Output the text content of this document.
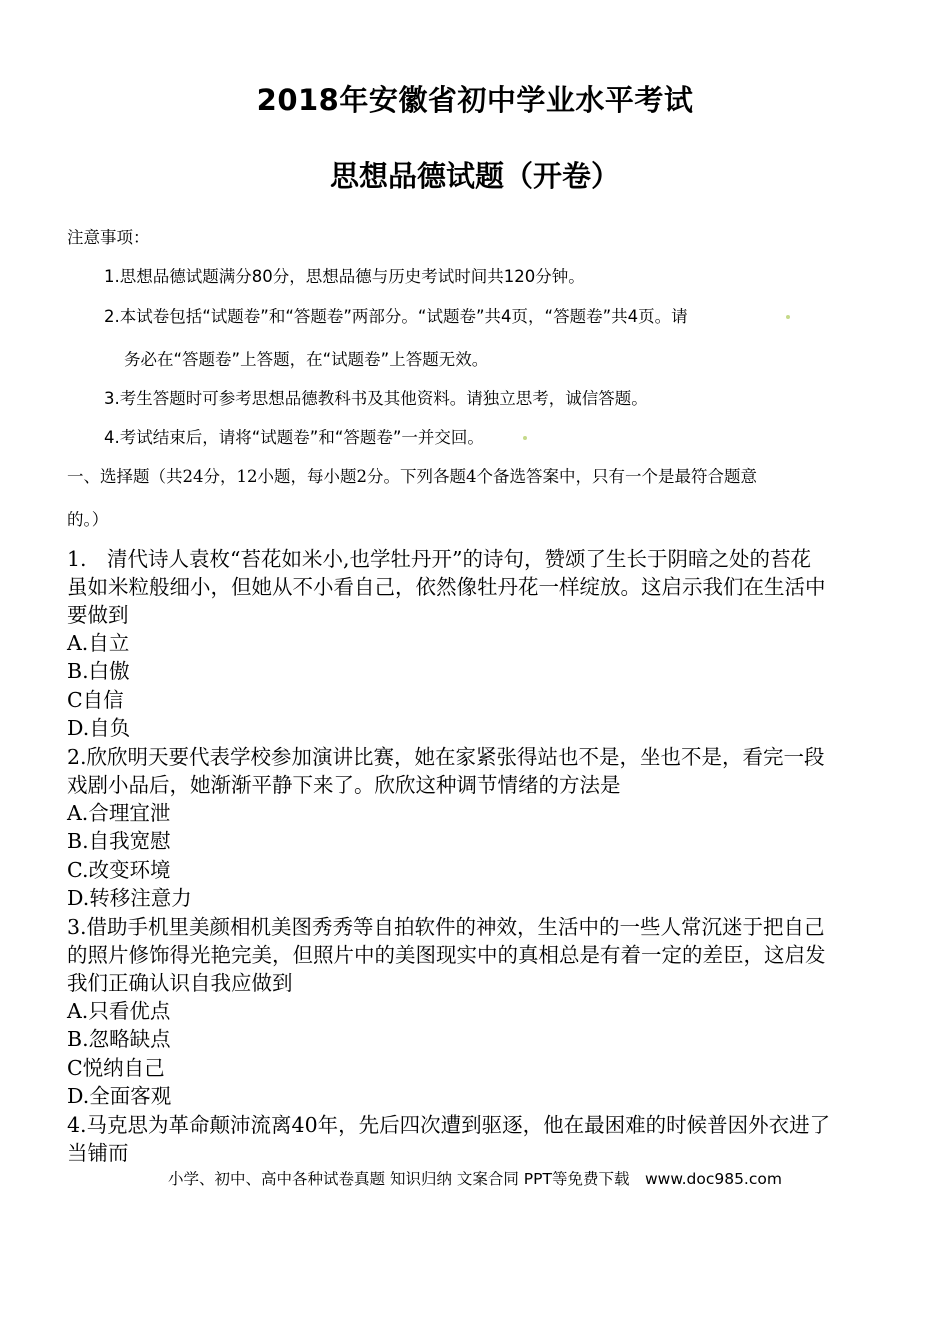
2018年安徽省初中学业水平考试
思想品德试题（开卷）
注意事项：
1.思想品德试题满分80分，思想品德与历史考试时间共120分钟。
2.本试卷包括“试题卷”和“答题卷”两部分。“试题卷”共4页，“答题卷”共4页。请
务必在“答题卷”上答题，在“试题卷”上答题无效。
3.考生答题时可参考思想品德教科书及其他资料。请独立思考，诚信答题。
4.考试结束后，请将“试题卷”和“答题卷”一并交回。
一、选择题（共24分，12小题，每小题2分。下列各题4个备选答案中，只有一个是最符合题意
的。）
1.　清代诗人袁枚“苔花如米小,也学牡丹开”的诗句，赞颂了生长于阴暗之处的苔花
虽如米粒般细小，但她从不小看自己，依然像牡丹花一样绽放。这启示我们在生活中
要做到
A.自立
B.白傲
C自信
D.自负
2.欣欣明天要代表学校参加演讲比赛，她在家紧张得站也不是，坐也不是，看完一段
戏剧小品后，她渐渐平静下来了。欣欣这种调节情绪的方法是
A.合理宜泄
B.自我宽慰
C.改变环境
D.转移注意力
3.借助手机里美颜相机美图秀秀等自拍软件的神效，生活中的一些人常沉迷于把自己
的照片修饰得光艳完美，但照片中的美图现实中的真相总是有着一定的差臣，这启发
我们正确认识自我应做到
A.只看优点
B.忽略缺点
C悦纳自己
D.全面客观
4.马克思为革命颠沛流离40年，先后四次遭到驱逐，他在最困难的时候普因外衣进了
当铺而
小学、初中、高中各种试卷真题 知识归纳 文案合同 PPT等免费下载　www.doc985.com
